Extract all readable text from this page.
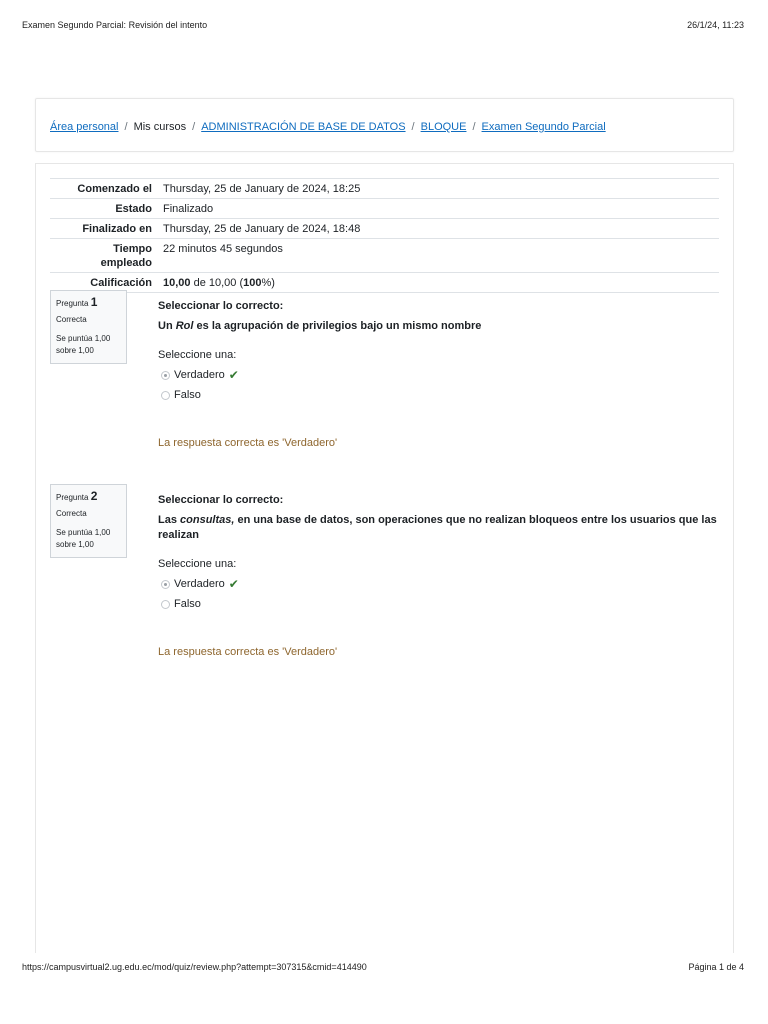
Examen Segundo Parcial: Revisión del intento	26/1/24, 11:23
Área personal / Mis cursos / ADMINISTRACIÓN DE BASE DE DATOS / BLOQUE / Examen Segundo Parcial
Comenzado el	Thursday, 25 de January de 2024, 18:25
Estado	Finalizado
Finalizado en	Thursday, 25 de January de 2024, 18:48
Tiempo
empleado	22 minutos 45 segundos
Calificación	10,00 de 10,00 (100%)
Pregunta 1
Correcta
Se puntúa 1,00
sobre 1,00
Seleccionar lo correcto:
Un Rol es la agrupación de privilegios bajo un mismo nombre
Seleccione una:
Verdadero ✔
Falso
La respuesta correcta es 'Verdadero'
Pregunta 2
Correcta
Se puntúa 1,00
sobre 1,00
Seleccionar lo correcto:
Las consultas, en una base de datos, son operaciones que no realizan bloqueos entre los usuarios que las realizan
Seleccione una:
Verdadero ✔
Falso
La respuesta correcta es 'Verdadero'
https://campusvirtual2.ug.edu.ec/mod/quiz/review.php?attempt=307315&cmid=414490	Página 1 de 4
